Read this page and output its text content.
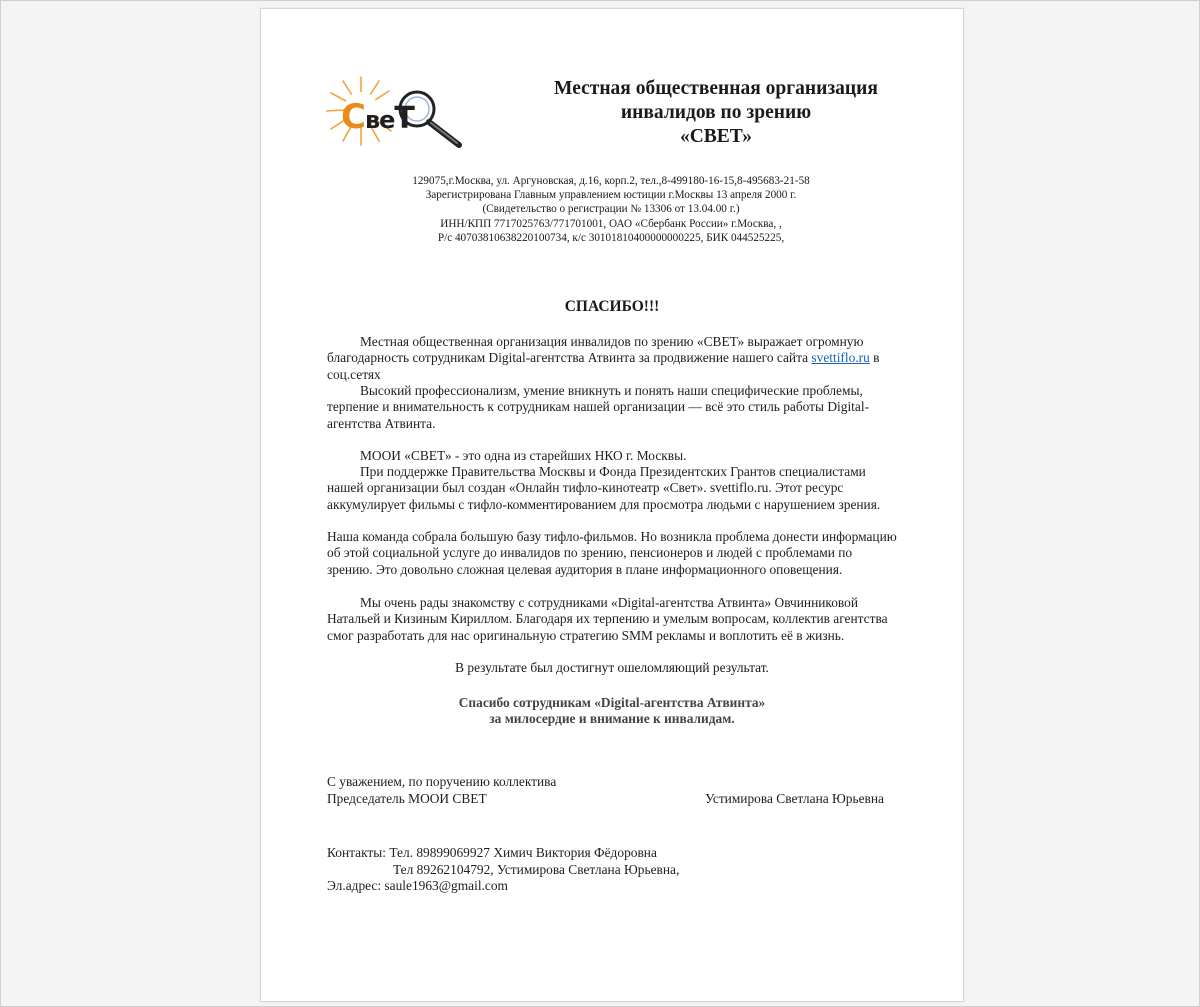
СвеТ
Местная общественная организация
инвалидов по зрению
«СВЕТ»
129075,г.Москва, ул. Аргуновская, д.16, корп.2, тел.,8-499180-16-15,8-495683-21-58
Зарегистрирована Главным управлением юстиции г.Москвы 13 апреля 2000 г.
(Свидетельство о регистрации № 13306 от 13.04.00 г.)
ИНН/КПП 7717025763/771701001, ОАО «Сбербанк России» г.Москва, ,
Р/с 40703810638220100734, к/с 30101810400000000225, БИК 044525225,
СПАСИБО!!!
Местная общественная организация инвалидов по зрению «СВЕТ» выражает огромную благодарность сотрудникам Digital-агентства Атвинта за продвижение нашего сайта svettiflo.ru в соц.сетях
Высокий профессионализм, умение вникнуть и понять наши специфические проблемы, терпение и внимательность к сотрудникам нашей организации — всё это стиль работы Digital-агентства Атвинта.
МООИ «СВЕТ» - это одна из старейших НКО г. Москвы.
При поддержке Правительства Москвы и Фонда Президентских Грантов специалистами нашей организации был создан «Онлайн тифло-кинотеатр «Свет». svettiflo.ru. Этот ресурс аккумулирует фильмы с тифло-комментированием для просмотра людьми с нарушением зрения.
Наша команда собрала большую базу тифло-фильмов. Но возникла проблема донести информацию об этой социальной услуге до инвалидов по зрению, пенсионеров и людей с проблемами по зрению. Это довольно сложная целевая аудитория в плане информационного оповещения.
Мы очень рады знакомству с сотрудниками «Digital-агентства Атвинта» Овчинниковой Натальей и Кизиным Кириллом. Благодаря их терпению и умелым вопросам, коллектив агентства смог разработать для нас оригинальную стратегию SMM рекламы и воплотить её в жизнь.
В результате был достигнут ошеломляющий результат.
Спасибо сотрудникам «Digital-агентства Атвинта»
за милосердие и внимание к инвалидам.
С уважением, по поручению коллектива
Председатель МООИ СВЕТ	Устимирова Светлана Юрьевна
Контакты: Тел. 89899069927 Химич Виктория Фёдоровна
Тел 89262104792, Устимирова Светлана Юрьевна,
Эл.адрес: saule1963@gmail.com
